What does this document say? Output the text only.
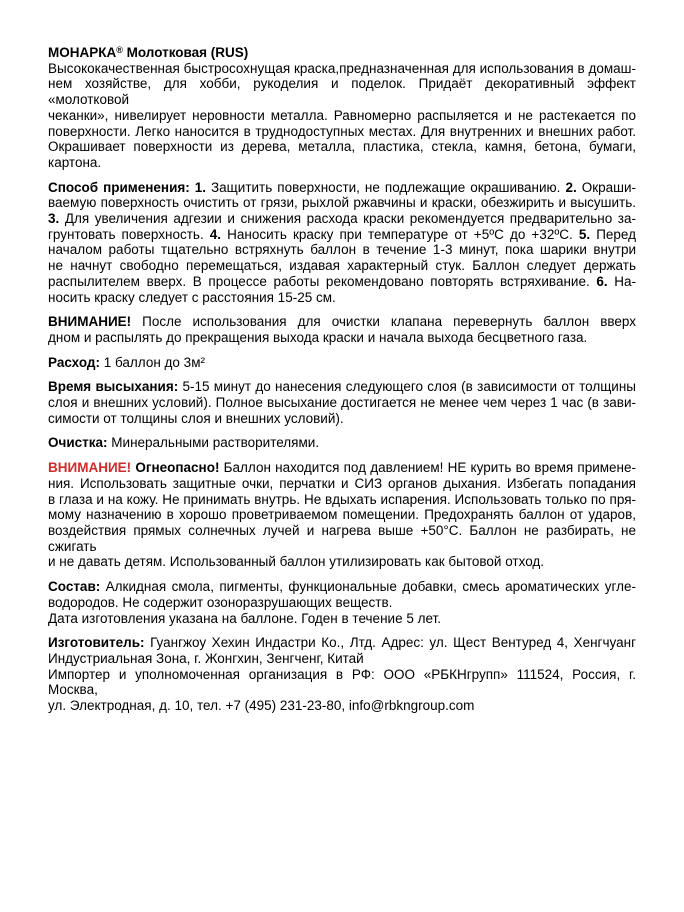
МОНАРКА® Молотковая (RUS)

Высококачественная быстросохнущая краска,предназначенная для использования в домаш-
нем хозяйстве, для хобби, рукоделия и поделок. Придаёт декоративный эффект «молотковой
чеканки», нивелирует неровности металла. Равномерно распыляется и не растекается по
поверхности. Легко наносится в труднодоступных местах. Для внутренних и внешних работ.
Окрашивает поверхности из дерева, металла, пластика, стекла, камня, бетона, бумаги, картона.

Способ применения: 1. Защитить поверхности, не подлежащие окрашиванию. 2. Окраши-
ваемую поверхность очистить от грязи, рыхлой ржавчины и краски, обезжирить и высушить.
3. Для увеличения адгезии и снижения расхода краски рекомендуется предварительно за-
грунтовать поверхность. 4. Наносить краску при температуре от +5ºС до +32ºС. 5. Перед
началом работы тщательно встряхнуть баллон в течение 1-3 минут, пока шарики внутри
не начнут свободно перемещаться, издавая характерный стук. Баллон следует держать
распылителем вверх. В процессе работы рекомендовано повторять встряхивание. 6. На-
носить краску следует с расстояния 15-25 см.

ВНИМАНИЕ! После использования для очистки клапана перевернуть баллон вверх
дном и распылять до прекращения выхода краски и начала выхода бесцветного газа.

Расход: 1 баллон до 3м²

Время высыхания: 5-15 минут до нанесения следующего слоя (в зависимости от толщины
слоя и внешних условий). Полное высыхание достигается не менее чем через 1 час (в зави-
симости от толщины слоя и внешних условий).

Очистка: Минеральными растворителями.

ВНИМАНИЕ! Огнеопасно! Баллон находится под давлением! НЕ курить во время примене-
ния. Использовать защитные очки, перчатки и СИЗ органов дыхания. Избегать попадания
в глаза и на кожу. Не принимать внутрь. Не вдыхать испарения. Использовать только по пря-
мому назначению в хорошо проветриваемом помещении. Предохранять баллон от ударов,
воздействия прямых солнечных лучей и нагрева выше +50°С. Баллон не разбирать, не сжигать
и не давать детям. Использованный баллон утилизировать как бытовой отход.

Состав: Алкидная смола, пигменты, функциональные добавки, смесь ароматических угле-
водородов. Не содержит озоноразрушающих веществ.
Дата изготовления указана на баллоне. Годен в течение 5 лет.

Изготовитель: Гуангжоу Хехин Индастри Ко., Лтд. Адрес: ул. Щест Вентуред 4, Хенгчуанг
Индустриальная Зона, г. Жонгхин, Зенгченг, Китай
Импортер и уполномоченная организация в РФ: ООО «РБКНгрупп» 111524, Россия, г. Москва,
ул. Электродная, д. 10, тел. +7 (495) 231-23-80, info@rbkngroup.com
